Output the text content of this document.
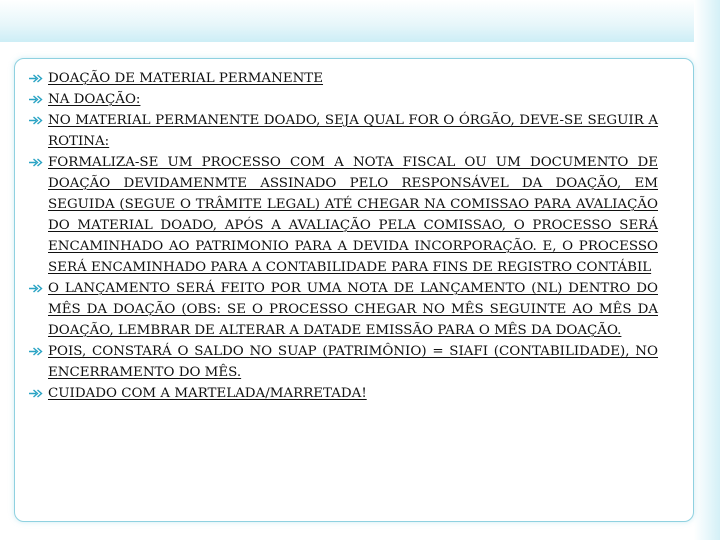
DOAÇÃO DE MATERIAL PERMANENTE
NA DOAÇÃO:
NO MATERIAL PERMANENTE DOADO, SEJA QUAL FOR O ÓRGÃO, DEVE-SE SEGUIR A ROTINA:
FORMALIZA-SE UM PROCESSO COM A NOTA FISCAL OU UM DOCUMENTO DE DOAÇÃO DEVIDAMENMTE ASSINADO PELO RESPONSÁVEL DA DOAÇÃO, EM SEGUIDA (SEGUE O TRÂMITE LEGAL) ATÉ CHEGAR NA COMISSAO PARA AVALIAÇÃO DO MATERIAL DOADO, APÓS A AVALIAÇÃO PELA COMISSAO, O PROCESSO SERÁ ENCAMINHADO AO PATRIMONIO PARA A DEVIDA INCORPORAÇÃO. E, O PROCESSO SERÁ ENCAMINHADO PARA A CONTABILIDADE PARA FINS DE REGISTRO CONTÁBIL
O LANÇAMENTO SERÁ FEITO POR UMA NOTA DE LANÇAMENTO (NL) DENTRO DO MÊS DA DOAÇÃO (OBS: SE O PROCESSO CHEGAR NO MÊS SEGUINTE AO MÊS DA DOAÇÃO, LEMBRAR DE ALTERAR A DATADE EMISSÃO PARA O MÊS DA DOAÇÃO.
POIS, CONSTARÁ O SALDO NO SUAP (PATRIMÔNIO) = SIAFI (CONTABILIDADE), NO ENCERRAMENTO DO MÊS.
CUIDADO COM A MARTELADA/MARRETADA!
